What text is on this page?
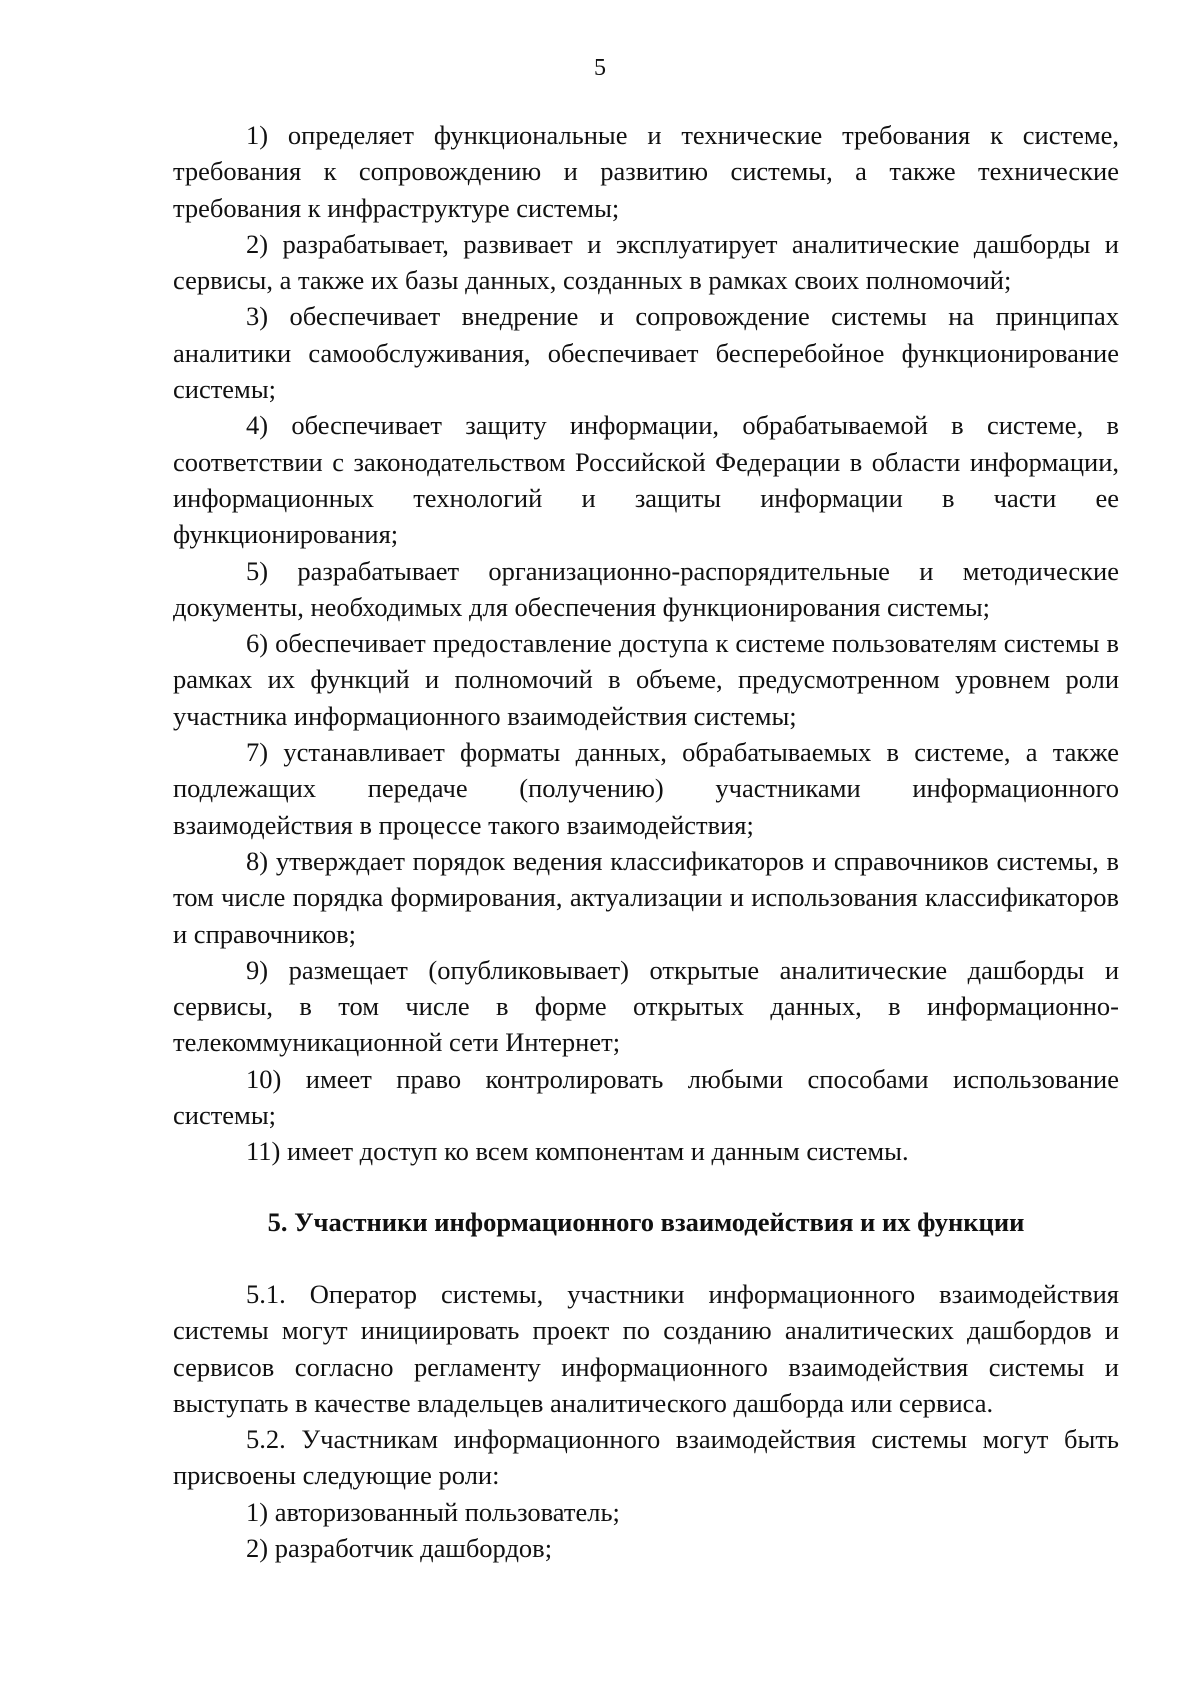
5

1) определяет функциональные и технические требования к системе, требования к сопровождению и развитию системы, а также технические требования к инфраструктуре системы;

2) разрабатывает, развивает и эксплуатирует аналитические дашборды и сервисы, а также их базы данных, созданных в рамках своих полномочий;

3) обеспечивает внедрение и сопровождение системы на принципах аналитики самообслуживания, обеспечивает бесперебойное функционирование системы;

4) обеспечивает защиту информации, обрабатываемой в системе, в соответствии с законодательством Российской Федерации в области информации, информационных технологий и защиты информации в части ее функционирования;

5) разрабатывает организационно-распорядительные и методические документы, необходимых для обеспечения функционирования системы;

6) обеспечивает предоставление доступа к системе пользователям системы в рамках их функций и полномочий в объеме, предусмотренном уровнем роли участника информационного взаимодействия системы;

7) устанавливает форматы данных, обрабатываемых в системе, а также подлежащих передаче (получению) участниками информационного взаимодействия в процессе такого взаимодействия;

8) утверждает порядок ведения классификаторов и справочников системы, в том числе порядка формирования, актуализации и использования классификаторов и справочников;

9) размещает (опубликовывает) открытые аналитические дашборды и сервисы, в том числе в форме открытых данных, в информационно-телекоммуникационной сети Интернет;

10) имеет право контролировать любыми способами использование системы;

11) имеет доступ ко всем компонентам и данным системы.

5. Участники информационного взаимодействия и их функции

5.1. Оператор системы, участники информационного взаимодействия системы могут инициировать проект по созданию аналитических дашбордов и сервисов согласно регламенту информационного взаимодействия системы и выступать в качестве владельцев аналитического дашборда или сервиса.

5.2. Участникам информационного взаимодействия системы могут быть присвоены следующие роли:

1) авторизованный пользователь;

2) разработчик дашбордов;
